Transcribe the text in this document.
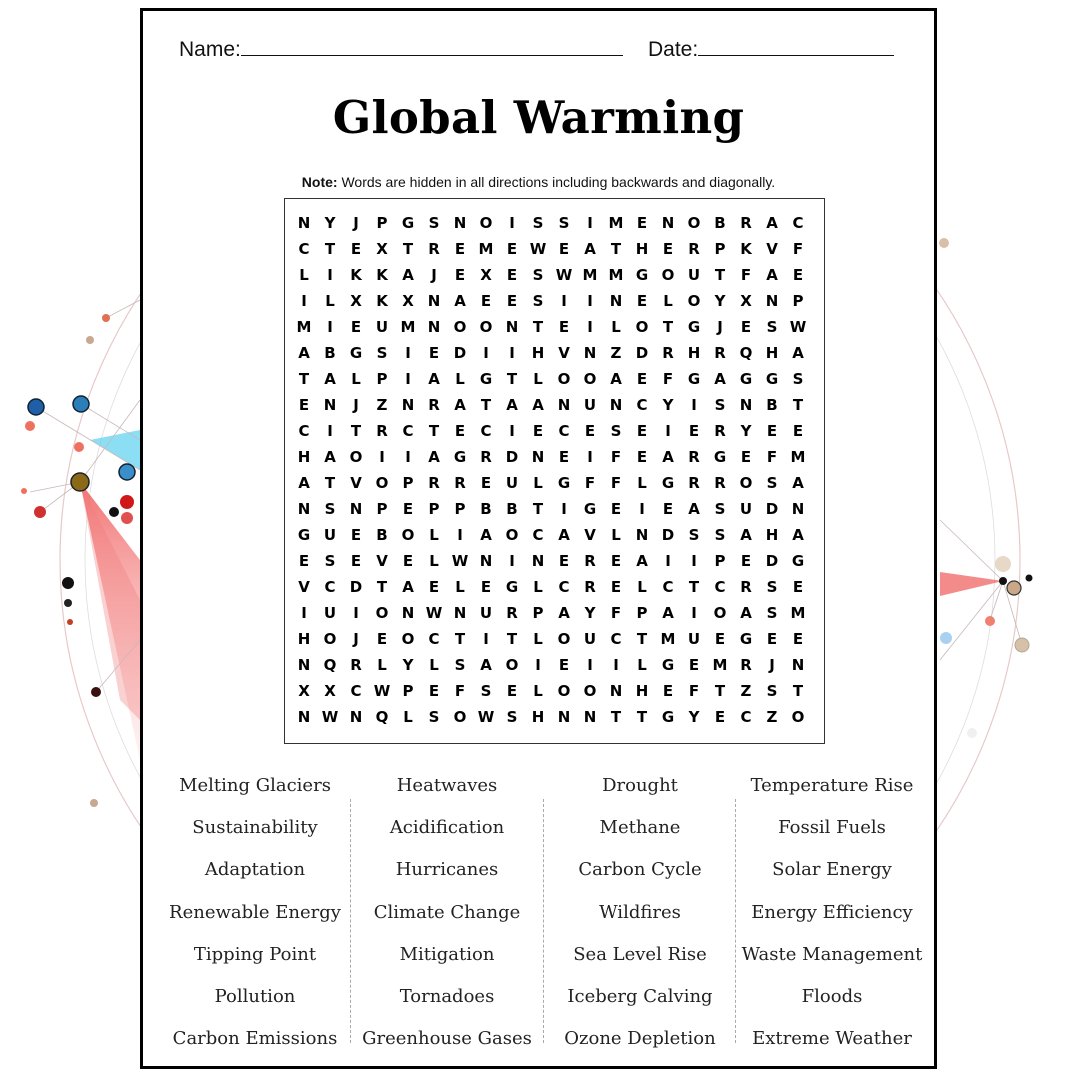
Name:	Date:
Global Warming
Note: Words are hidden in all directions including backwards and diagonally.
N Y	J	P G S N O	I	S	S	I	M E N O B R A C
C	T	E	X	T	R	E M E W E	A	T H E	R P K V	F
L	I	K K A	J	E	X	E	S W M M G O U T	F	A	E
I	L	X K X N A	E	E	S	I	I	N E	L O Y X N P
M	I	E U M N O O N T	E	I	L O T G	J	E	S W
A B G S	I	E D	I	I	H V N Z D R H R Q H A
T	A	L	P	I	A	L	G T	L O O A	E	F G A G G S
E N	J	Z N R A	T	A A N U N C	Y	I	S N B	T
C	I	T	R C	T	E	C	I	E	C	E	S	E	I	E	R Y	E	E
H A O	I	I	A G R D N E	I	F	E	A R G E	F M
A	T	V O P R R	E U	L	G F	F	L	G R R O S A
N S N P	E	P	P B B	T	I	G E	I	E	A S U D N
G U E	B O L	I	A O C A V	L N D S	S A H A
E	S	E	V	E	L W N	I	N E	R	E	A	I	I	P	E D G
V C D T	A	E	L	E G	L	C R	E	L	C	T	C R S	E
I	U	I	O N W N U R P A Y	F	P A	I	O A S M
H O	J	E O C	T	I	T	L O U C	T M U E G E	E
N Q R	L	Y	L	S A O	I	E	I	I	L	G E M R	J	N
X X C W P	E	F	S	E	L O O N H E	F	T	Z	S	T
N W N Q L	S O W S H N N T	T G Y	E	C	Z O
Melting Glaciers
Sustainability
Adaptation
Renewable Energy
Tipping Point
Pollution
Carbon Emissions
Heatwaves
Acidification
Hurricanes
Climate Change
Mitigation
Tornadoes
Greenhouse Gases
Drought
Methane
Carbon Cycle
Wildfires
Sea Level Rise
Iceberg Calving
Ozone Depletion
Temperature Rise
Fossil Fuels
Solar Energy
Energy Efficiency
Waste Management
Floods
Extreme Weather
